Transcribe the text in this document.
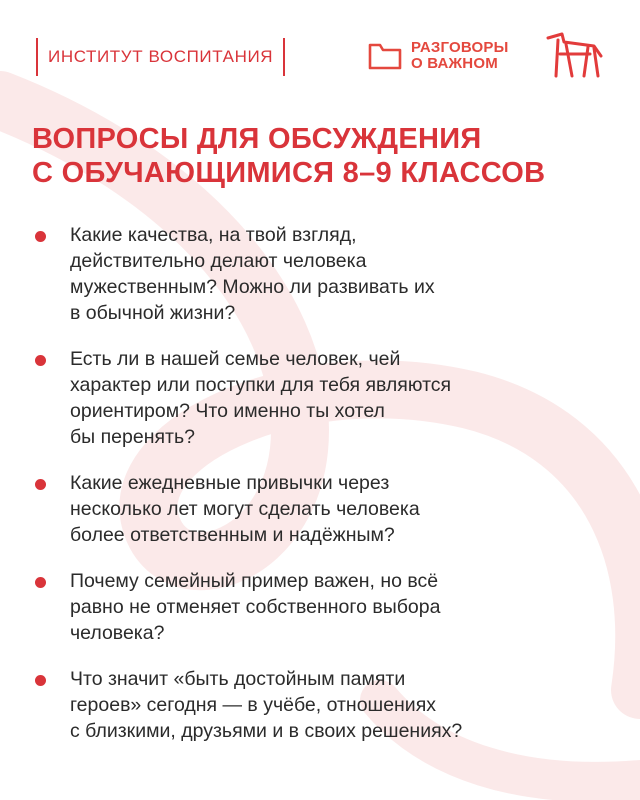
ИНСТИТУТ ВОСПИТАНИЯ	РАЗГОВОРЫ
О ВАЖНОМ
ВОПРОСЫ ДЛЯ ОБСУЖДЕНИЯ
С ОБУЧАЮЩИМИСЯ 8–9 КЛАССОВ
Какие качества, на твой взгляд,
действительно делают человека
мужественным? Можно ли развивать их
в обычной жизни?
Есть ли в нашей семье человек, чей
характер или поступки для тебя являются
ориентиром? Что именно ты хотел
бы перенять?
Какие ежедневные привычки через
несколько лет могут сделать человека
более ответственным и надёжным?
Почему семейный пример важен, но всё
равно не отменяет собственного выбора
человека?
Что значит «быть достойным памяти
героев» сегодня — в учёбе, отношениях
с близкими, друзьями и в своих решениях?
